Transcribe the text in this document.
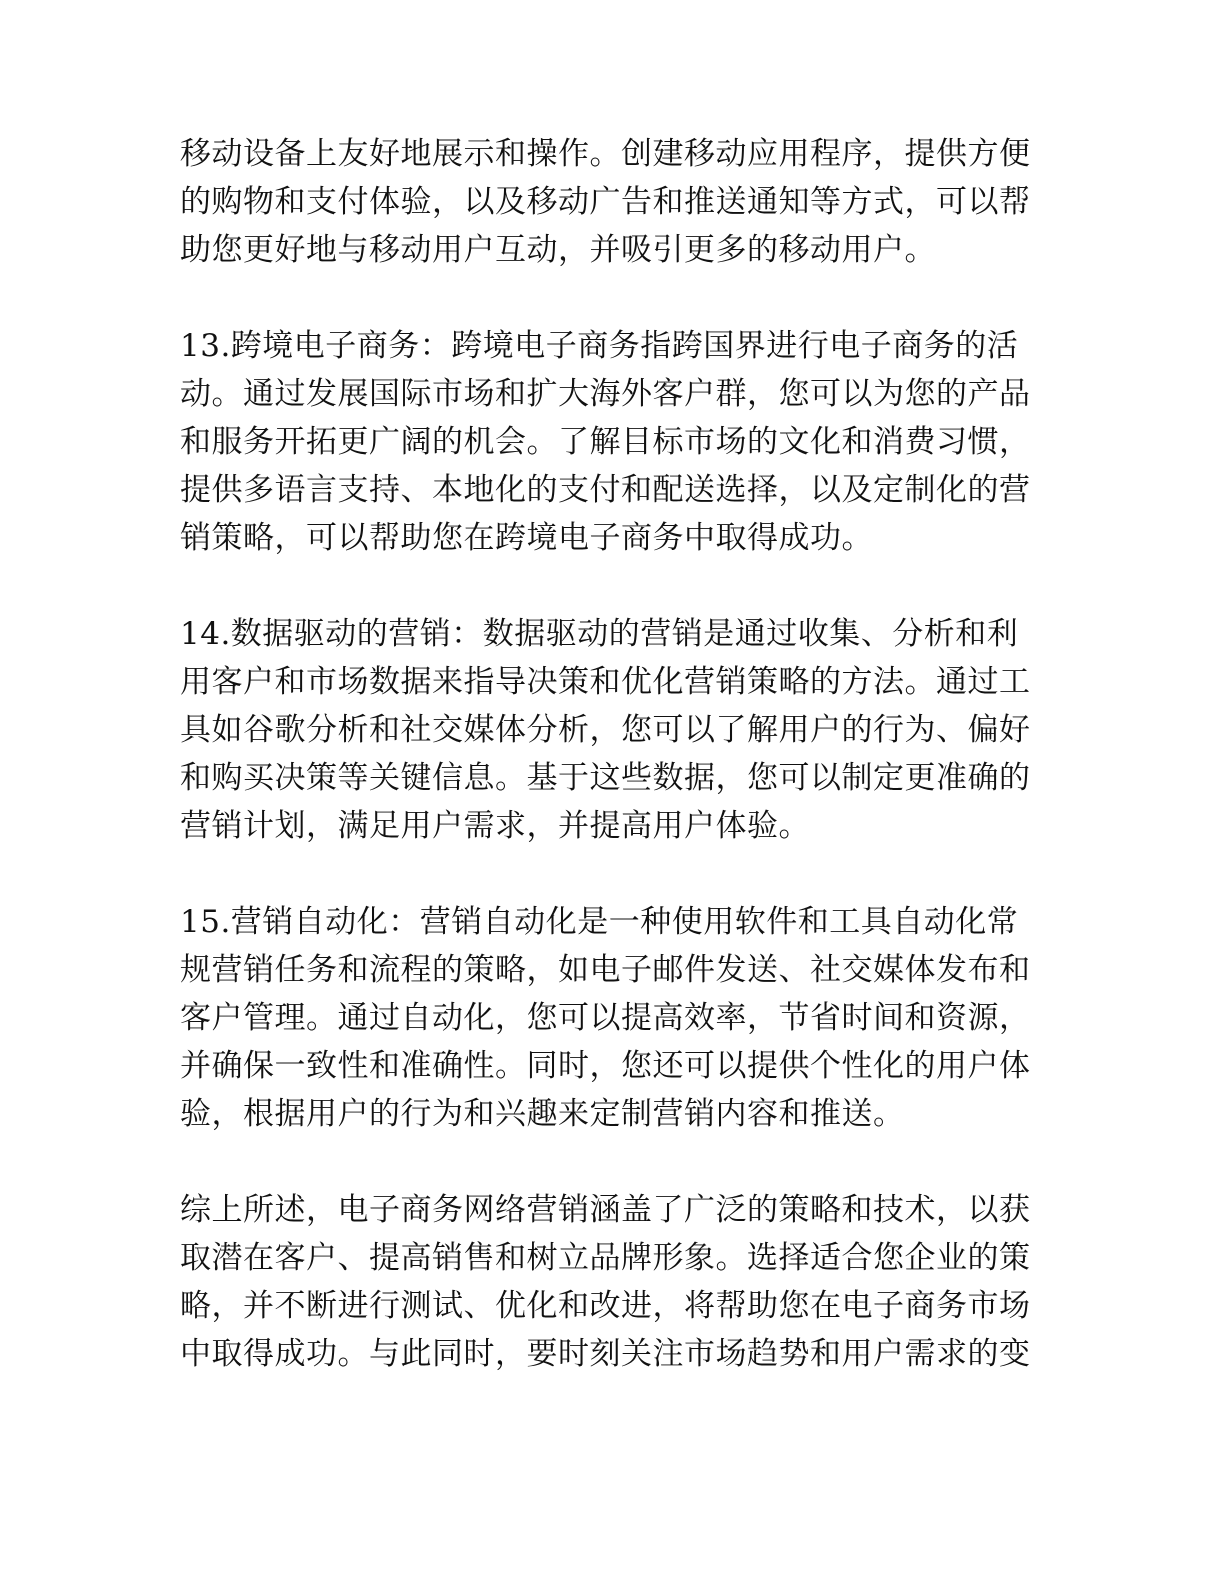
移动设备上友好地展示和操作。创建移动应用程序，提供方便
的购物和支付体验，以及移动广告和推送通知等方式，可以帮
助您更好地与移动用户互动，并吸引更多的移动用户。

13.跨境电子商务：跨境电子商务指跨国界进行电子商务的活
动。通过发展国际市场和扩大海外客户群，您可以为您的产品
和服务开拓更广阔的机会。了解目标市场的文化和消费习惯，
提供多语言支持、本地化的支付和配送选择，以及定制化的营
销策略，可以帮助您在跨境电子商务中取得成功。

14.数据驱动的营销：数据驱动的营销是通过收集、分析和利
用客户和市场数据来指导决策和优化营销策略的方法。通过工
具如谷歌分析和社交媒体分析，您可以了解用户的行为、偏好
和购买决策等关键信息。基于这些数据，您可以制定更准确的
营销计划，满足用户需求，并提高用户体验。

15.营销自动化：营销自动化是一种使用软件和工具自动化常
规营销任务和流程的策略，如电子邮件发送、社交媒体发布和
客户管理。通过自动化，您可以提高效率，节省时间和资源，
并确保一致性和准确性。同时，您还可以提供个性化的用户体
验，根据用户的行为和兴趣来定制营销内容和推送。

综上所述，电子商务网络营销涵盖了广泛的策略和技术，以获
取潜在客户、提高销售和树立品牌形象。选择适合您企业的策
略，并不断进行测试、优化和改进，将帮助您在电子商务市场
中取得成功。与此同时，要时刻关注市场趋势和用户需求的变
